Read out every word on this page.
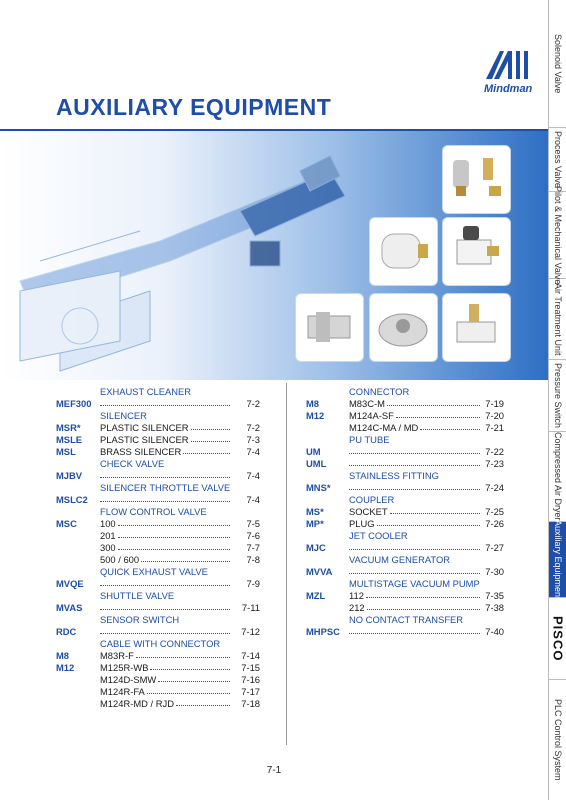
Mindman
AUXILIARY EQUIPMENT
Solenoid Valve
Process Valve
Pilot & Mechanical Valve
Air Treatment Unit
Pressure Switch
Compressed Air Dryer
Auxiliary Equipment
PISCO
PLC Control System
EXHAUST CLEANER
MEF300	7-2
SILENCER
MSR* PLASTIC SILENCER	7-2
MSLE PLASTIC SILENCER	7-3
MSL	BRASS SILENCER	7-4
CHECK VALVE
MJBV	7-4
SILENCER THROTTLE VALVE
MSLC2	7-4
FLOW CONTROL VALVE
MSC 100	7-5
201	7-6
300	7-7
500 / 600	7-8
QUICK EXHAUST VALVE
MVQE	7-9
SHUTTLE VALVE
MVAS	7-11
SENSOR SWITCH
RDC	7-12
CABLE WITH CONNECTOR
M8	M83R-F	7-14
M12	M125R-WB	7-15
M124D-SMW	7-16
M124R-FA	7-17
M124R-MD / RJD	7-18
CONNECTOR
M8	M83C-M	7-19
M12	M124A-SF	7-20
M124C-MA / MD	7-21
PU TUBE
UM	7-22
UML	7-23
STAINLESS FITTING
MNS*	7-24
COUPLER
MS*	SOCKET	7-25
MP*	PLUG	7-26
JET COOLER
MJC	7-27
VACUUM GENERATOR
MVVA	7-30
MULTISTAGE VACUUM PUMP
MZL	112	7-35
212	7-38
NO CONTACT TRANSFER
MHPSC	7-40
7-1
